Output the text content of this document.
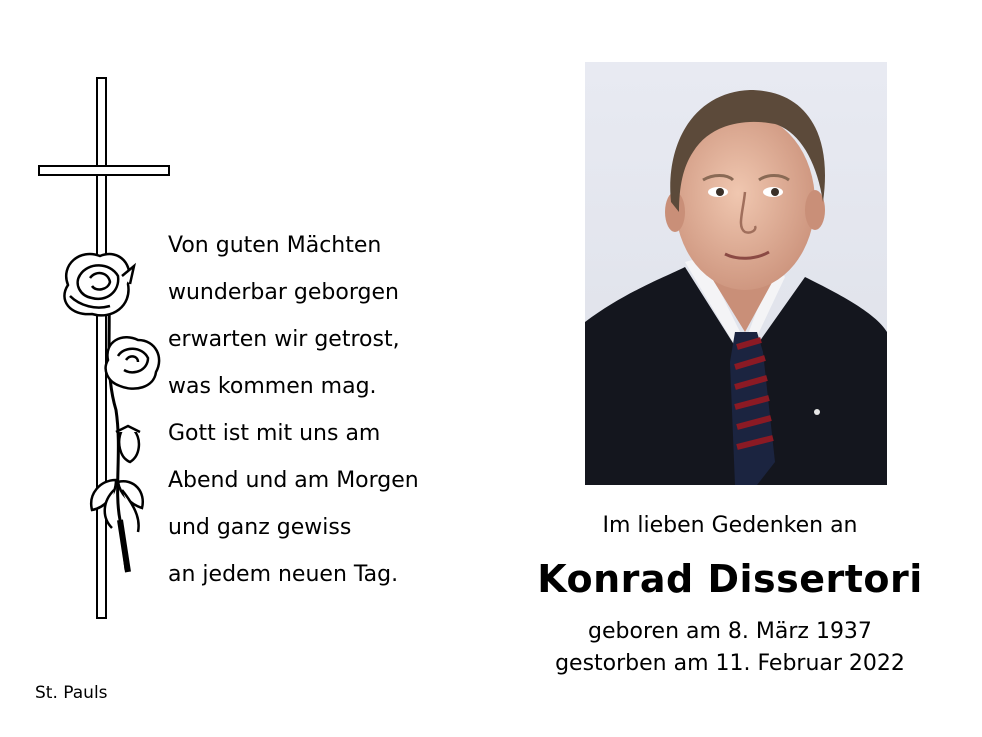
Von guten Mächten
wunderbar geborgen
erwarten wir getrost,
was kommen mag.
Gott ist mit uns am
Abend und am Morgen
und ganz gewiss
an jedem neuen Tag.
St. Pauls
Im lieben Gedenken an
Konrad Dissertori
geboren am 8. März 1937
gestorben am 11. Februar 2022
